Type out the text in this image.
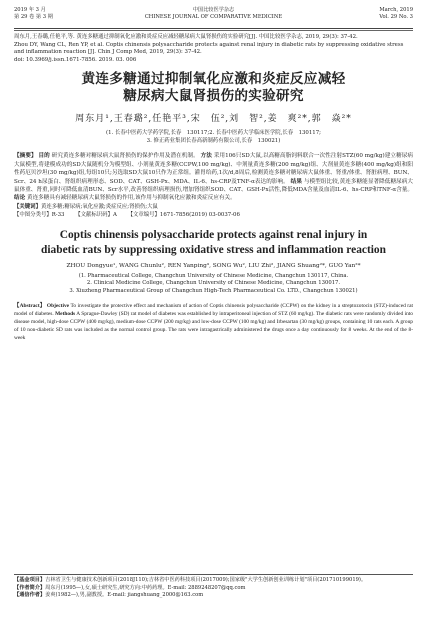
2019 年 3 月
第 29 卷 第 3 期
中国比较医学杂志
CHINESE JOURNAL OF COMPARATIVE MEDICINE
March, 2019
Vol. 29 No. 3

周东月,王春璐,任艳平,等. 黄连多糖通过抑制氧化应激和炎症反应减轻糖尿病大鼠肾损伤的实验研究[J]. 中国比较医学杂志, 2019, 29(3): 37-42.

Zhou DY, Wang CL, Ren YP, et al. Coptis chinensis polysaccharide protects against renal injury in diabetic rats by suppressing oxidative stress and inflammation reaction [J]. Chin J Comp Med, 2019, 29(3): 37-42.

doi: 10.3969/j.issn.1671-7856. 2019. 03. 006

黄连多糖通过抑制氧化应激和炎症反应减轻
糖尿病大鼠肾损伤的实验研究
周东月¹,王春璐²,任艳平³,宋　伍²,刘　智²,姜　爽²*,郭　焱²*
(1. 长春中医药大学药学院,长春　130117;2. 长春中医药大学临床医学院,长春　130117;
3. 修正药业集团长春高新制药有限公司,长春　130021)
【摘要】 目的 研究黄连多糖对糖尿病大鼠肾损伤的保护作用及潜在机制。 方法 采用106只SD大鼠,以高糖高脂饲料联合一次性注射STZ(60 mg/kg)建立糖尿病大鼠模型,将建模成功的SD大鼠随机分为模型组、小剂量黄连多糖(CCPW,100 mg/kg)、中剂量黄连多糖(200 mg/kg)组、大剂量黄连多糖(400 mg/kg)组和阳性药厄贝沙坦(30 mg/kg)组,每组10只;另选取SD大鼠10只作为正常组。灌胃给药,1次/d,8周后,检测黄连多糖对糖尿病大鼠体重、肾重/体重、肾脏病理、BUN、Scr、24 h尿蛋白、肾组织病理形态、SOD、CAT、GSH-Px、MDA、IL-6、hs-CRP及TNF-α表达的影响。 结果 与模型组比较,黄连多糖能显著降低糖尿病大鼠体重、肾重,同时可降低血清BUN、Scr水平,改善肾组织病理损伤,增加肾组织SOD、CAT、GSH-Px活性,降低MDA含量及血清IL-6、hs-CRP和TNF-α含量。 结论 黄连多糖具有减轻糖尿病大鼠肾损伤的作用,该作用与抑制氧化应激和炎症反应有关。
【关键词】黄连多糖;糖尿病;氧化应激;炎症反应;肾损伤;大鼠
【中图分类号】R-33 【文献标识码】A 【文章编号】1671-7856(2019) 03-0037-06
Coptis chinensis polysaccharide protects against renal injury in
diabetic rats by suppressing oxidative stress and inflammation reaction
ZHOU Dongyue¹, WANG Chunlu², REN Yanping³, SONG Wu², LIU Zhi², JIANG Shuang²*, GUO Yan²*
(1. Pharmaceutical College, Changchun University of Chinese Medicine, Changchun 130117, China.
2. Clinical Medicine College, Changchun University of Chinese Medicine, Changchun 130017.
3. Xiuzheng Pharmaceutical Group of Changchun High-Tech Pharmaceutical Co. LTD., Changchun 130021)
【Abstract】 Objective To investigate the protective effect and mechanism of action of Coptis chinensis polysaccharide (CCPW) on the kidney in a streptozotocin (STZ)-induced rat model of diabetes. Methods A Sprague-Dawley (SD) rat model of diabetes was established by intraperitoneal injection of STZ (60 mg/kg). The diabetic rats were randomly divided into disease model, high-dose CCPW (400 mg/kg), medium-dose CCPW (200 mg/kg) and low-dose CCPW (100 mg/kg) and Irbesartan (30 mg/kg) groups, containing 10 rats each. A group of 10 non-diabetic SD rats was included as the normal control group. The rats were intragastrically administered the drugs once a day continuously for 8 weeks. At the end of the 8-week

【基金项目】吉林省卫生与健康技术创新项目(2018J110);吉林省中医药科技项目(2017009);国家级"大学生创新创业训练计划"项目(201710199019)。

【作者简介】周东月(1995—),女,硕士研究生,研究方向:中药药理。E-mail: 2889248207@qq.com

【通信作者】姜爽(1982—),男,副教授。E-mail: jiangshuang_2000@163.com
